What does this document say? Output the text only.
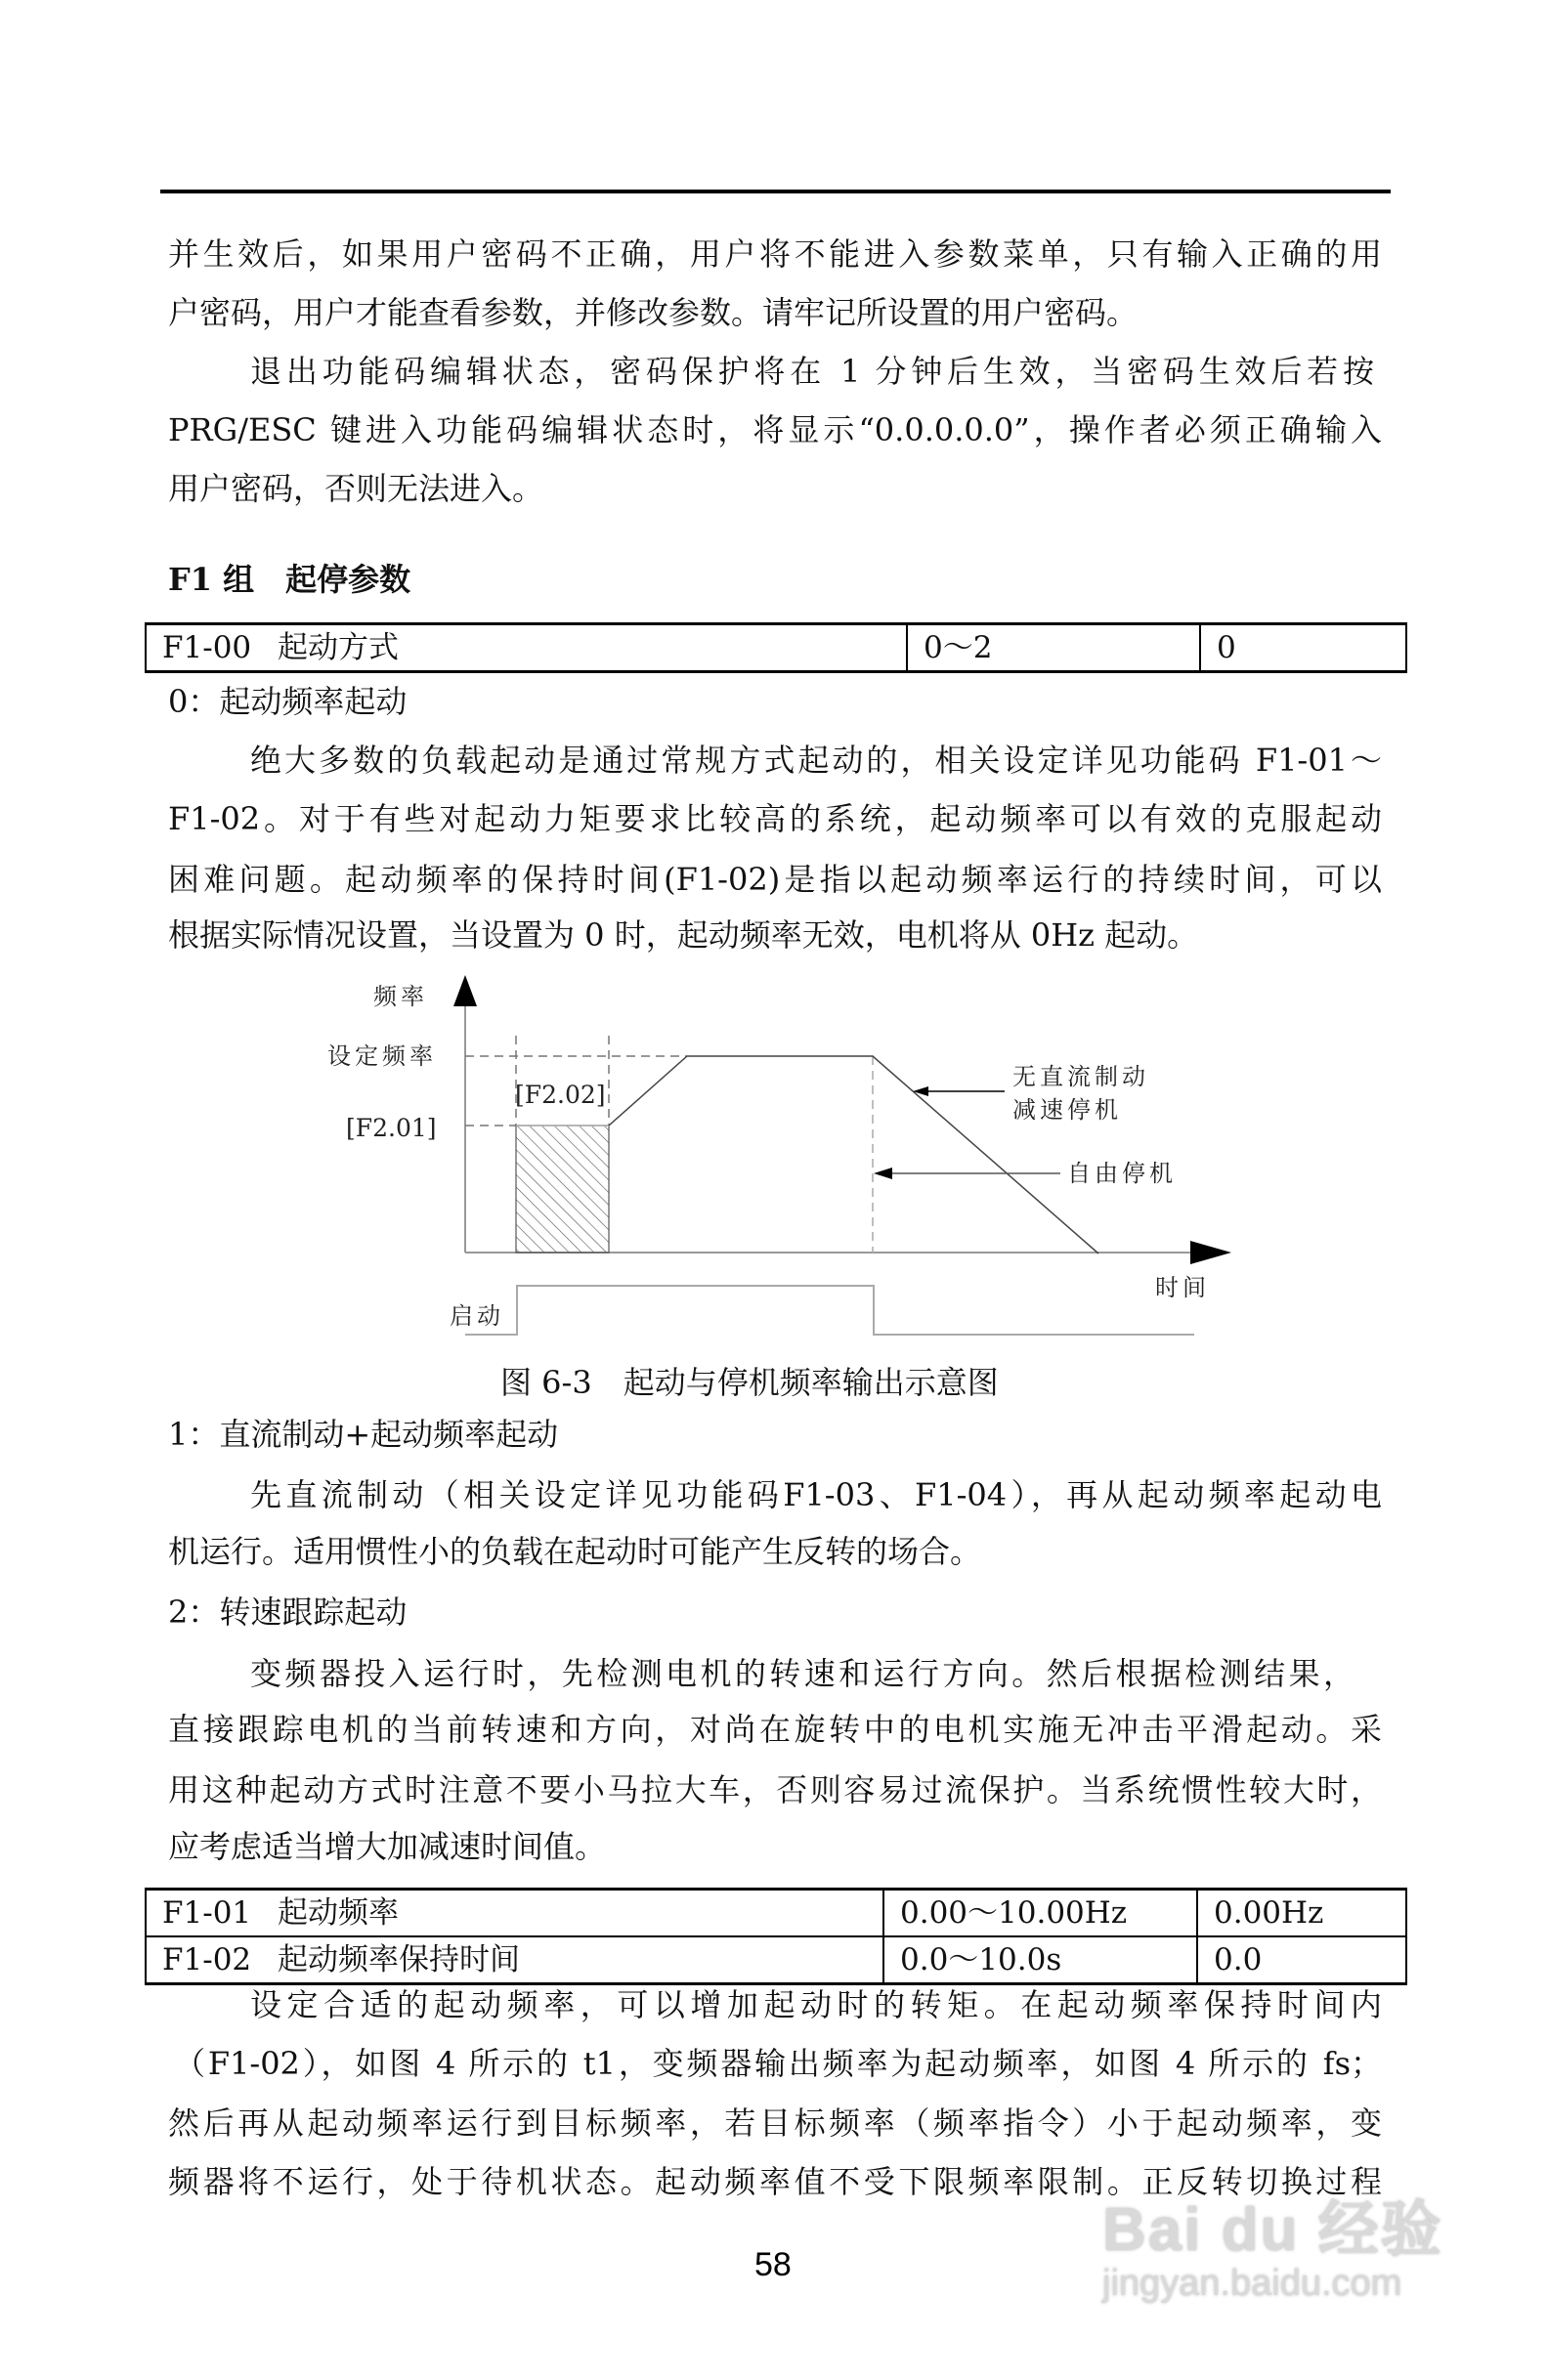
并生效后，如果用户密码不正确，用户将不能进入参数菜单，只有输入正确的用
户密码，用户才能查看参数，并修改参数。请牢记所设置的用户密码。
退出功能码编辑状态，密码保护将在 1 分钟后生效，当密码生效后若按
PRG/ESC 键进入功能码编辑状态时，将显示“0.0.0.0.0”，操作者必须正确输入
用户密码，否则无法进入。
F1 组　起停参数
F1-00 起动方式	0～2	0
0：起动频率起动
绝大多数的负载起动是通过常规方式起动的，相关设定详见功能码 F1-01～
F1-02。对于有些对起动力矩要求比较高的系统，起动频率可以有效的克服起动
困难问题。起动频率的保持时间(F1-02)是指以起动频率运行的持续时间，可以
根据实际情况设置，当设置为 0 时，起动频率无效，电机将从 0Hz 起动。
频率
设定频率
[F2.02]
[F2.01]
无直流制动
减速停机
自由停机
时间
启动
图 6-3　起动与停机频率输出示意图
1：直流制动+起动频率起动
先直流制动（相关设定详见功能码F1-03、F1-04），再从起动频率起动电
机运行。适用惯性小的负载在起动时可能产生反转的场合。
2：转速跟踪起动
变频器投入运行时，先检测电机的转速和运行方向。然后根据检测结果，
直接跟踪电机的当前转速和方向，对尚在旋转中的电机实施无冲击平滑起动。采
用这种起动方式时注意不要小马拉大车，否则容易过流保护。当系统惯性较大时，
应考虑适当增大加减速时间值。
F1-01 起动频率	0.00～10.00Hz	0.00Hz
F1-02 起动频率保持时间	0.0～10.0s	0.0
设定合适的起动频率，可以增加起动时的转矩。在起动频率保持时间内
（F1-02），如图 4 所示的 t1，变频器输出频率为起动频率，如图 4 所示的 fs；
然后再从起动频率运行到目标频率，若目标频率（频率指令）小于起动频率，变
频器将不运行，处于待机状态。起动频率值不受下限频率限制。正反转切换过程
58
Bai du 经验
jingyan.baidu.com
